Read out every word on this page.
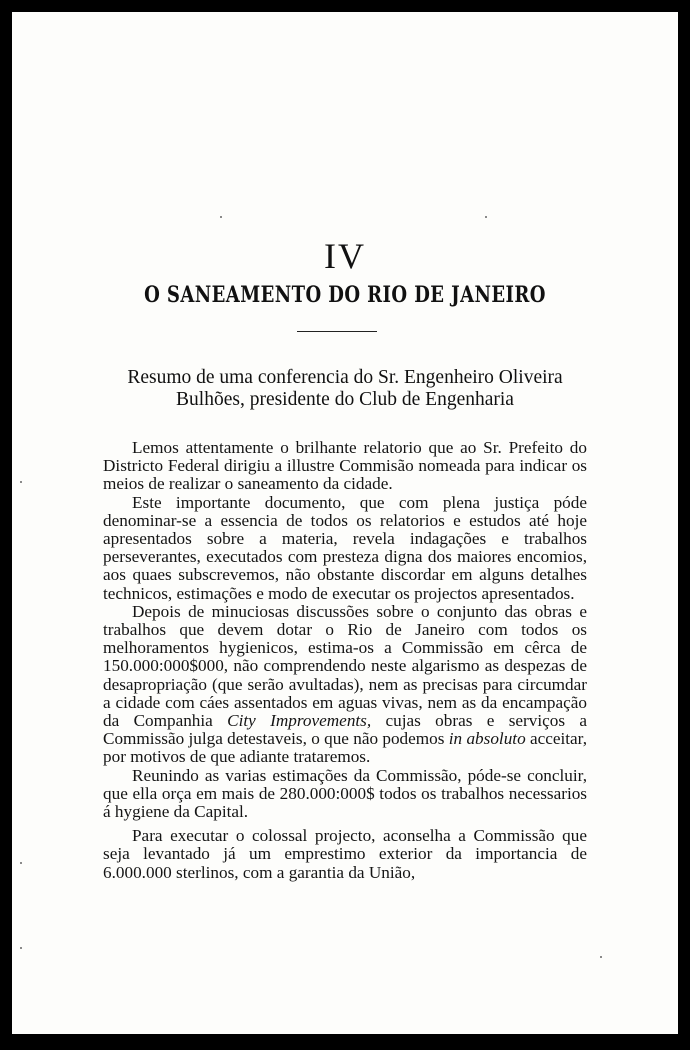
IV
O SANEAMENTO DO RIO DE JANEIRO
Resumo de uma conferencia do Sr. Engenheiro Oliveira
Bulhões, presidente do Club de Engenharia

Lemos attentamente o brilhante relatorio que ao Sr. Prefeito do Districto Federal dirigiu a illustre Commisão nomeada para indicar os meios de realizar o saneamento da cidade.

Este importante documento, que com plena justiça póde denominar-se a essencia de todos os relatorios e estudos até hoje apresentados sobre a materia, revela indagações e trabalhos perseverantes, executados com presteza digna dos maiores encomios, aos quaes subscrevemos, não obstante discordar em alguns detalhes technicos, estimações e modo de executar os projectos apresentados.

Depois de minuciosas discussões sobre o conjunto das obras e trabalhos que devem dotar o Rio de Janeiro com todos os melhoramentos hygienicos, estima-os a Commissão em cêrca de 150.000:000$000, não comprendendo neste algarismo as despezas de desapropriação (que serão avultadas), nem as precisas para circumdar a cidade com cáes assentados em aguas vivas, nem as da encampação da Companhia City Improvements, cujas obras e serviços a Commissão julga detestaveis, o que não podemos in absoluto acceitar, por motivos de que adiante trataremos.

Reunindo as varias estimações da Commissão, póde-se concluir, que ella orça em mais de 280.000:000$ todos os trabalhos necessarios á hygiene da Capital.

Para executar o colossal projecto, aconselha a Commissão que seja levantado já um emprestimo exterior da importancia de 6.000.000 sterlinos, com a garantia da União,
